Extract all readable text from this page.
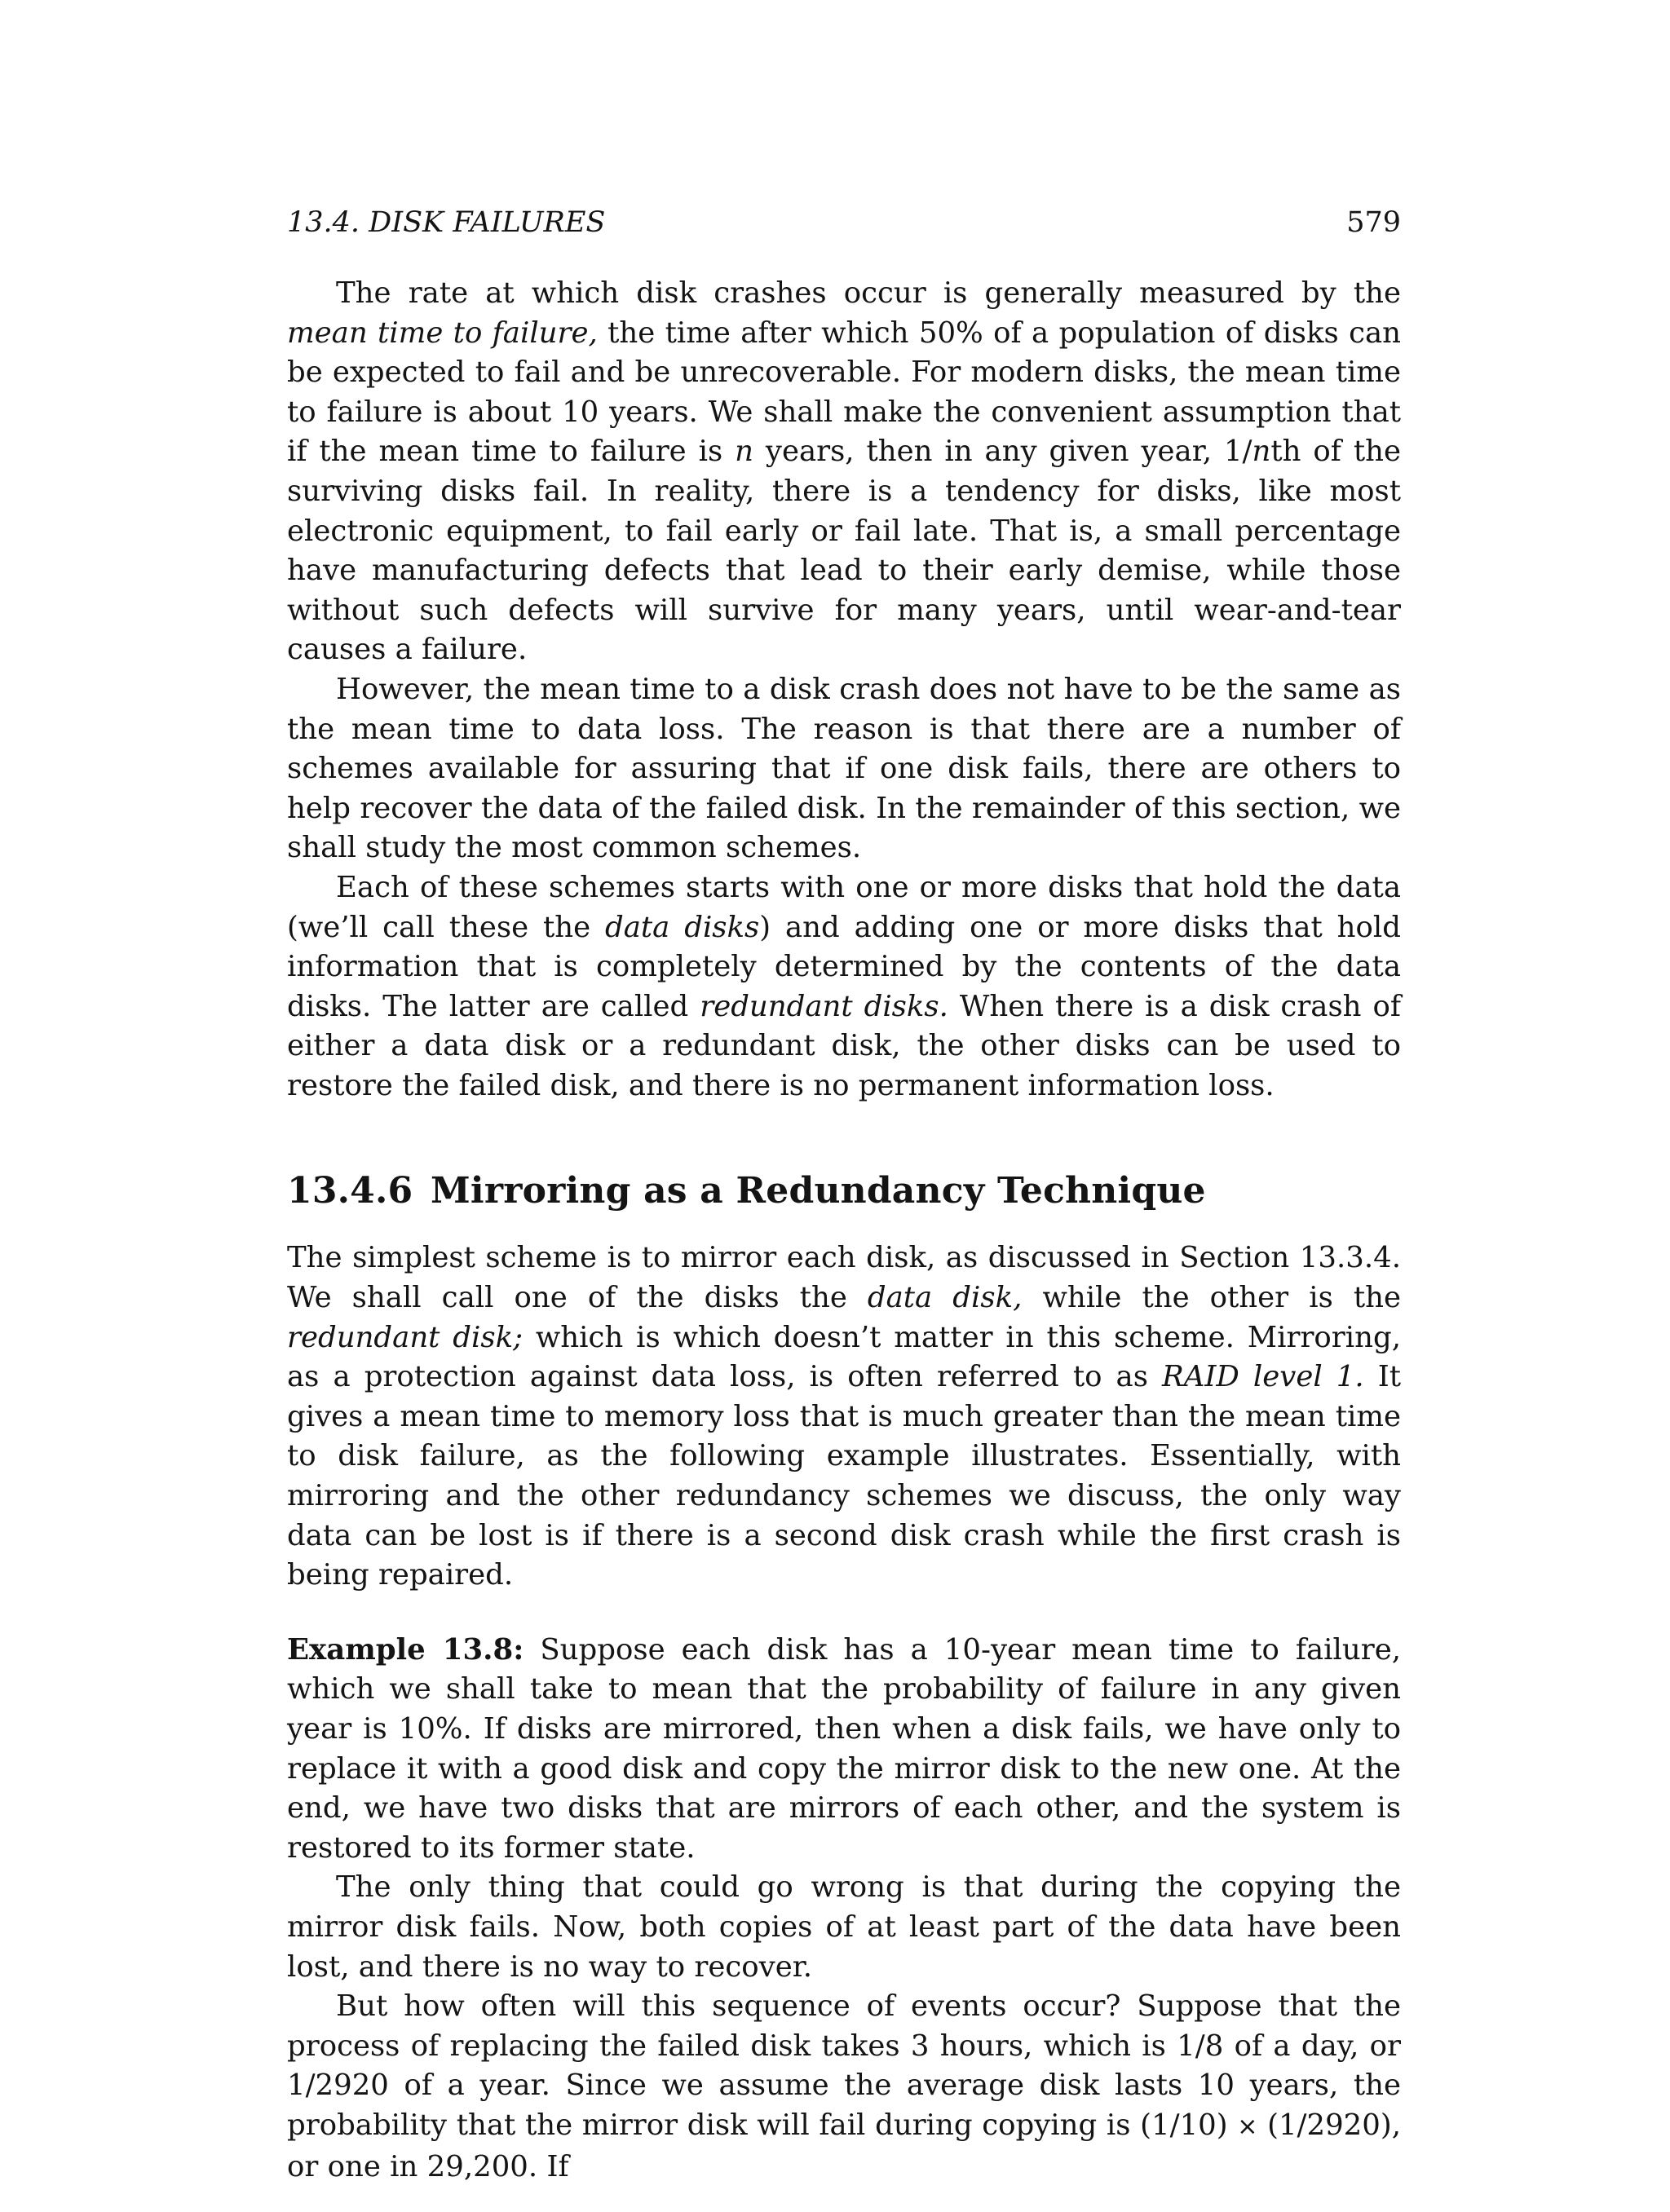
13.4. DISK FAILURES	579

The rate at which disk crashes occur is generally measured by the mean time to failure, the time after which 50% of a population of disks can be expected to fail and be unrecoverable. For modern disks, the mean time to failure is about 10 years. We shall make the convenient assumption that if the mean time to failure is n years, then in any given year, 1/nth of the surviving disks fail. In reality, there is a tendency for disks, like most electronic equipment, to fail early or fail late. That is, a small percentage have manufacturing defects that lead to their early demise, while those without such defects will survive for many years, until wear-and-tear causes a failure.

However, the mean time to a disk crash does not have to be the same as the mean time to data loss. The reason is that there are a number of schemes available for assuring that if one disk fails, there are others to help recover the data of the failed disk. In the remainder of this section, we shall study the most common schemes.

Each of these schemes starts with one or more disks that hold the data (we’ll call these the data disks) and adding one or more disks that hold information that is completely determined by the contents of the data disks. The latter are called redundant disks. When there is a disk crash of either a data disk or a redundant disk, the other disks can be used to restore the failed disk, and there is no permanent information loss.

13.4.6 Mirroring as a Redundancy Technique

The simplest scheme is to mirror each disk, as discussed in Section 13.3.4. We shall call one of the disks the data disk, while the other is the redundant disk; which is which doesn’t matter in this scheme. Mirroring, as a protection against data loss, is often referred to as RAID level 1. It gives a mean time to memory loss that is much greater than the mean time to disk failure, as the following example illustrates. Essentially, with mirroring and the other redundancy schemes we discuss, the only way data can be lost is if there is a second disk crash while the first crash is being repaired.

Example 13.8: Suppose each disk has a 10-year mean time to failure, which we shall take to mean that the probability of failure in any given year is 10%. If disks are mirrored, then when a disk fails, we have only to replace it with a good disk and copy the mirror disk to the new one. At the end, we have two disks that are mirrors of each other, and the system is restored to its former state.

The only thing that could go wrong is that during the copying the mirror disk fails. Now, both copies of at least part of the data have been lost, and there is no way to recover.

But how often will this sequence of events occur? Suppose that the process of replacing the failed disk takes 3 hours, which is 1/8 of a day, or 1/2920 of a year. Since we assume the average disk lasts 10 years, the probability that the mirror disk will fail during copying is (1/10) × (1/2920), or one in 29,200. If
